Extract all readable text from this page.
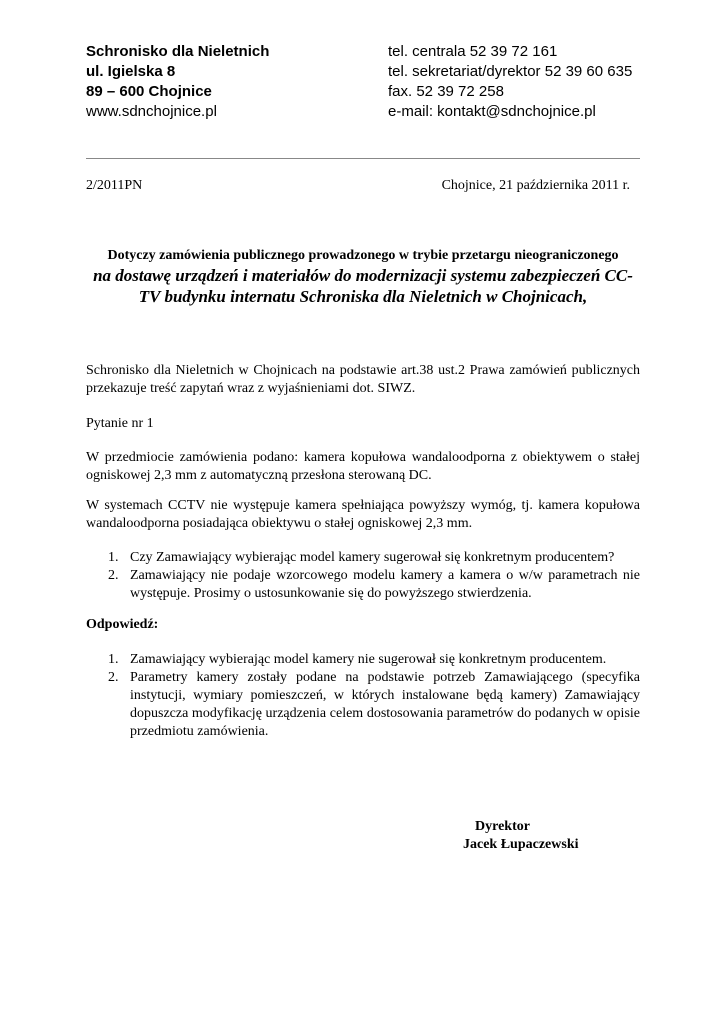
Schronisko dla Nieletnich
ul. Igielska 8
89 – 600 Chojnice
www.sdnchojnice.pl
tel. centrala 52 39 72 161
tel. sekretariat/dyrektor 52 39 60 635
fax. 52 39 72 258
e-mail: kontakt@sdnchojnice.pl
2/2011PN	Chojnice, 21 października 2011 r.
Dotyczy zamówienia publicznego prowadzonego w trybie przetargu nieograniczonego
na dostawę urządzeń i materiałów do modernizacji systemu zabezpieczeń CC-TV budynku internatu Schroniska dla Nieletnich w Chojnicach,
Schronisko dla Nieletnich w Chojnicach na podstawie art.38 ust.2 Prawa zamówień publicznych przekazuje treść zapytań wraz z wyjaśnieniami dot. SIWZ.
Pytanie nr 1
W przedmiocie zamówienia podano: kamera kopułowa wandaloodporna z obiektywem o stałej ogniskowej 2,3 mm z automatyczną przesłona sterowaną DC.
W systemach CCTV nie występuje kamera spełniająca powyższy wymóg, tj. kamera kopułowa wandaloodporna posiadająca obiektywu o stałej ogniskowej 2,3 mm.
1. Czy Zamawiający wybierając model kamery sugerował się konkretnym producentem?
2. Zamawiający nie podaje wzorcowego modelu kamery a kamera o w/w parametrach nie występuje. Prosimy o ustosunkowanie się do powyższego stwierdzenia.
Odpowiedź:
1. Zamawiający wybierając model kamery nie sugerował się konkretnym producentem.
2. Parametry kamery zostały podane na podstawie potrzeb Zamawiającego (specyfika instytucji, wymiary pomieszczeń, w których instalowane będą kamery) Zamawiający dopuszcza modyfikację urządzenia celem dostosowania parametrów do podanych w opisie przedmiotu zamówienia.
Dyrektor
Jacek Łupaczewski
